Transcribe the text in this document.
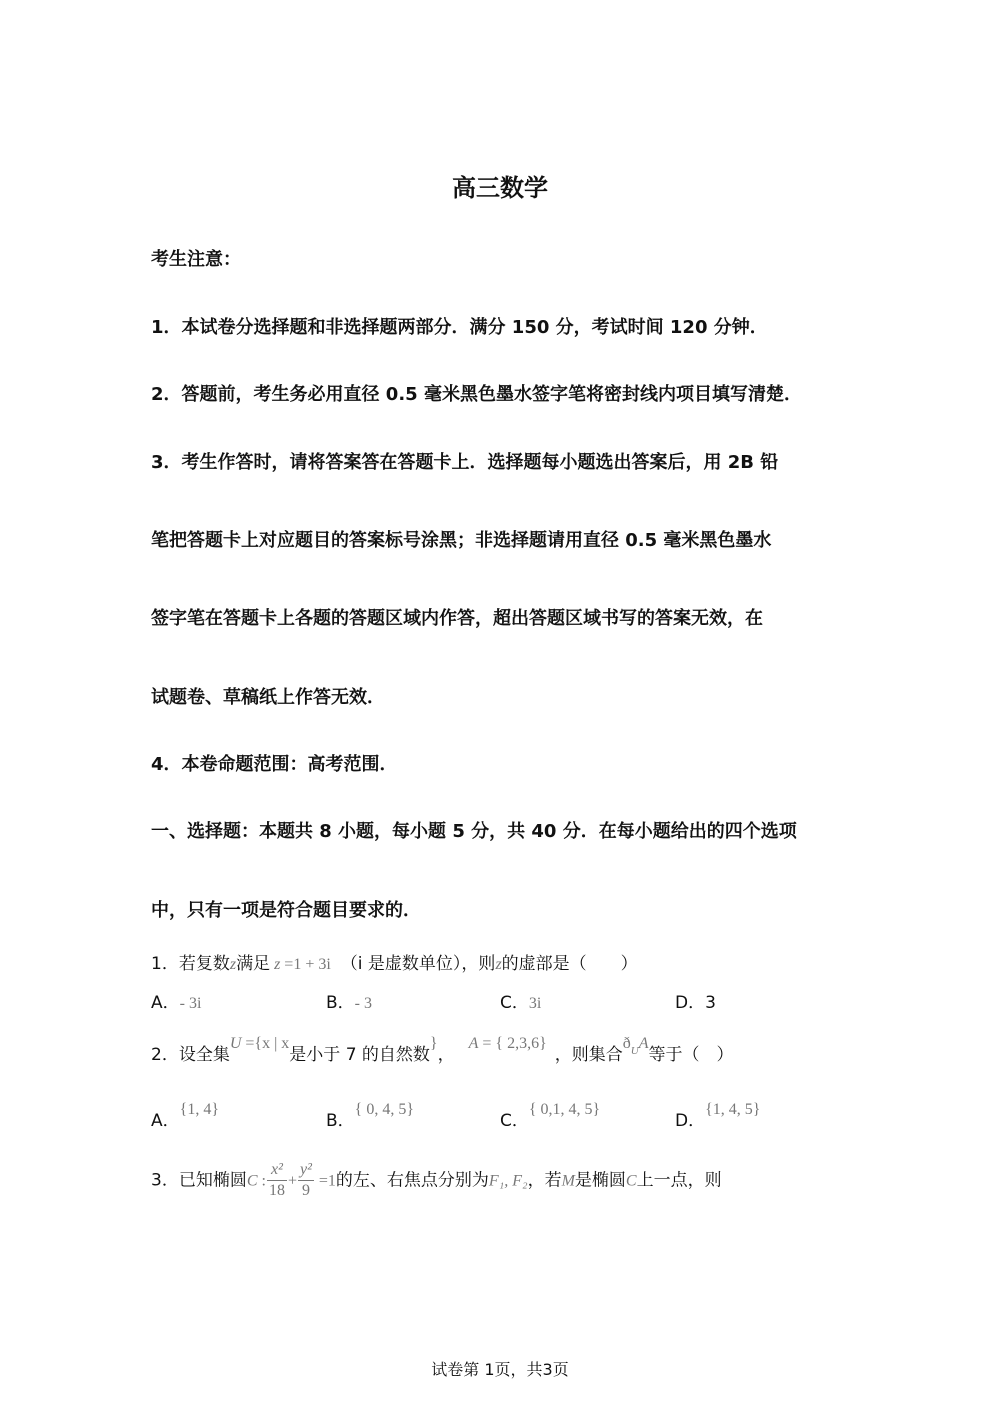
高三数学
考生注意：
1．本试卷分选择题和非选择题两部分．满分 150 分，考试时间 120 分钟．
2．答题前，考生务必用直径 0.5 毫米黑色墨水签字笔将密封线内项目填写清楚．
3．考生作答时，请将答案答在答题卡上．选择题每小题选出答案后，用 2B 铅
笔把答题卡上对应题目的答案标号涂黑；非选择题请用直径 0.5 毫米黑色墨水
签字笔在答题卡上各题的答题区域内作答，超出答题区域书写的答案无效，在
试题卷、草稿纸上作答无效．
4．本卷命题范围：高考范围．
一、选择题：本题共 8 小题，每小题 5 分，共 40 分．在每小题给出的四个选项
中，只有一项是符合题目要求的．
1．若复数z满足 z =1 + 3i （i 是虚数单位），则z的虚部是（　　）
A．- 3i	B．- 3	C．3i	D．3
2．设全集U ={x | x是小于 7 的自然数}，A = { 2,3,6}，则集合$ð_UA$等于（　）
A．{1, 4}
B．{ 0, 4, 5}
C．{ 0,1, 4, 5}
D．{1, 4, 5}
3．已知椭圆C : $\frac{\text{x²}}{18} + \frac{\text{y²}}{9} =1$的左、右焦点分别为F₁, F₂，若M是椭圆C上一点，则
试卷第 1页，共3页
